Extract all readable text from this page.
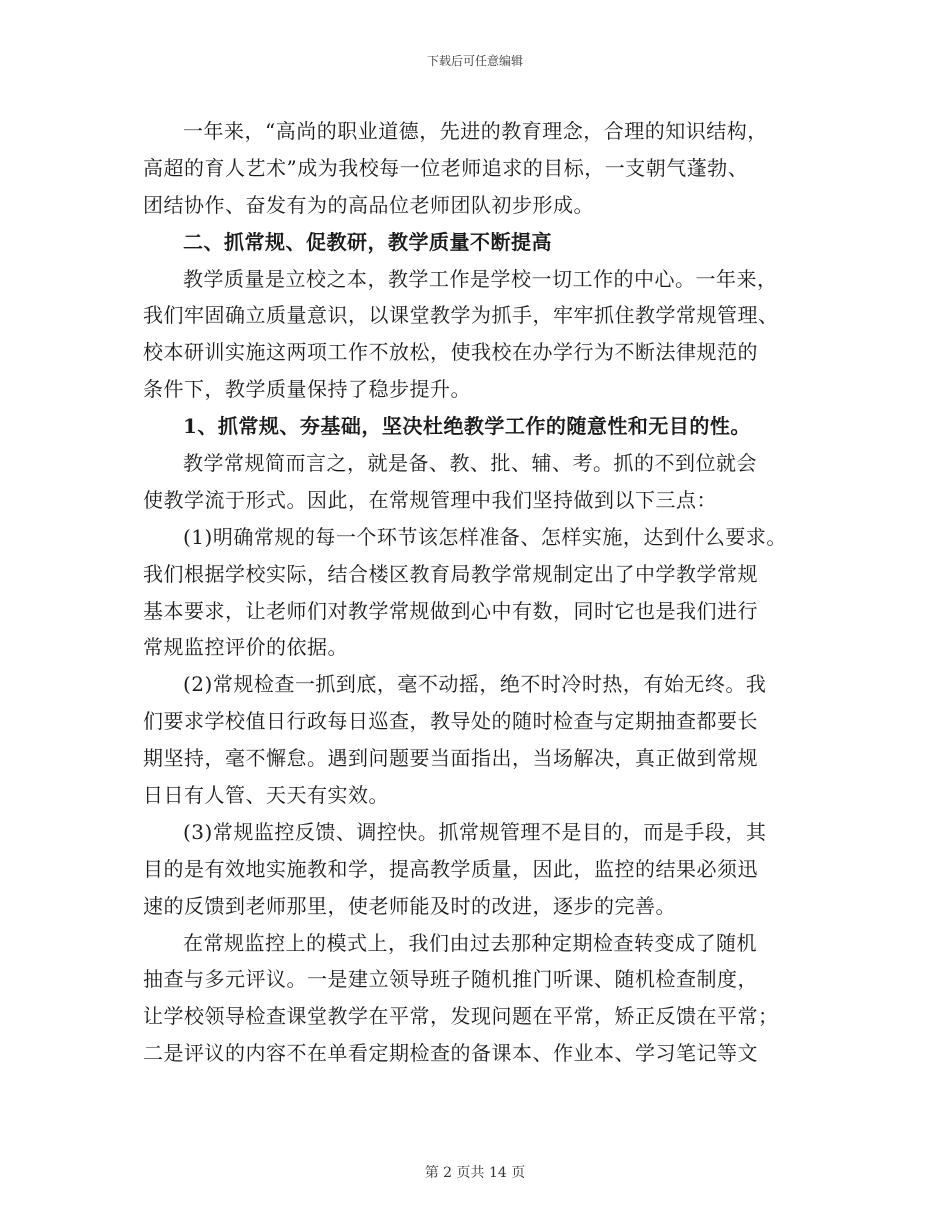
下载后可任意编辑
一年来，“高尚的职业道德，先进的教育理念，合理的知识结构，
高超的育人艺术”成为我校每一位老师追求的目标，一支朝气蓬勃、
团结协作、奋发有为的高品位老师团队初步形成。
二、抓常规、促教研，教学质量不断提高
教学质量是立校之本，教学工作是学校一切工作的中心。一年来，
我们牢固确立质量意识，以课堂教学为抓手，牢牢抓住教学常规管理、
校本研训实施这两项工作不放松，使我校在办学行为不断法律规范的
条件下，教学质量保持了稳步提升。
1、抓常规、夯基础，坚决杜绝教学工作的随意性和无目的性。
教学常规简而言之，就是备、教、批、辅、考。抓的不到位就会
使教学流于形式。因此，在常规管理中我们坚持做到以下三点：
(1)明确常规的每一个环节该怎样准备、怎样实施，达到什么要求。
我们根据学校实际，结合楼区教育局教学常规制定出了中学教学常规
基本要求，让老师们对教学常规做到心中有数，同时它也是我们进行
常规监控评价的依据。
(2)常规检查一抓到底，毫不动摇，绝不时冷时热，有始无终。我
们要求学校值日行政每日巡查，教导处的随时检查与定期抽查都要长
期坚持，毫不懈怠。遇到问题要当面指出，当场解决，真正做到常规
日日有人管、天天有实效。
(3)常规监控反馈、调控快。抓常规管理不是目的，而是手段，其
目的是有效地实施教和学，提高教学质量，因此，监控的结果必须迅
速的反馈到老师那里，使老师能及时的改进，逐步的完善。
在常规监控上的模式上，我们由过去那种定期检查转变成了随机
抽查与多元评议。一是建立领导班子随机推门听课、随机检查制度，
让学校领导检查课堂教学在平常，发现问题在平常，矫正反馈在平常；
二是评议的内容不在单看定期检查的备课本、作业本、学习笔记等文
第 2 页共 14 页
